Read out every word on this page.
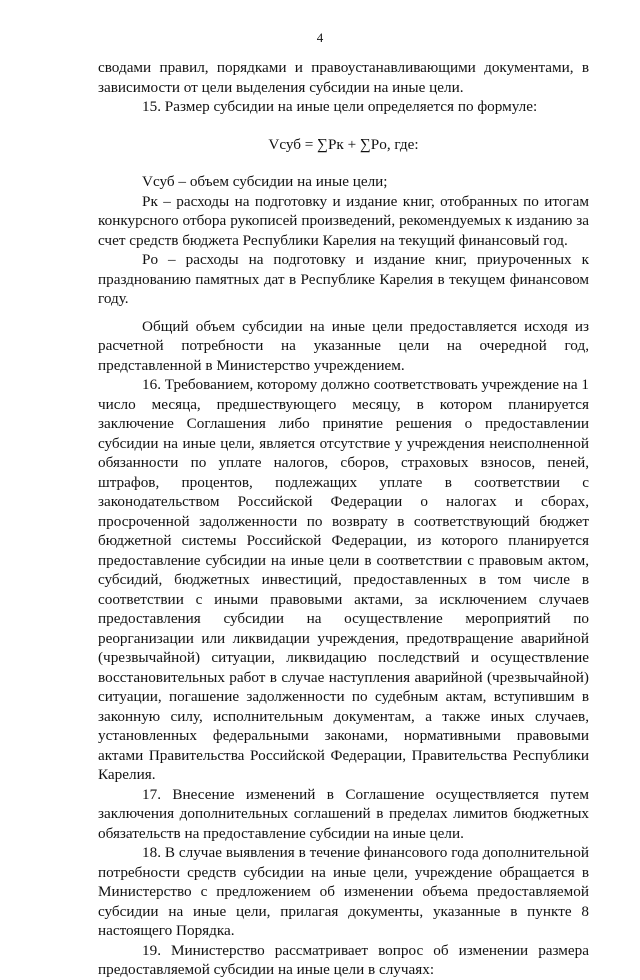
4

сводами правил, порядками и правоустанавливающими документами, в зависимости от цели выделения субсидии на иные цели.

15. Размер субсидии на иные цели определяется по формуле:

Vсуб = ∑Pк + ∑Pо, где:

Vсуб – объем субсидии на иные цели;

Pк – расходы на подготовку и издание книг, отобранных по итогам конкурсного отбора рукописей произведений, рекомендуемых к изданию за счет средств бюджета Республики Карелия на текущий финансовый год.

Pо – расходы на подготовку и издание книг, приуроченных к празднованию памятных дат в Республике Карелия в текущем финансовом году.

Общий объем субсидии на иные цели предоставляется исходя из расчетной потребности на указанные цели на очередной год, представленной в Министерство учреждением.

16. Требованием, которому должно соответствовать учреждение на 1 число месяца, предшествующего месяцу, в котором планируется заключение Соглашения либо принятие решения о предоставлении субсидии на иные цели, является отсутствие у учреждения неисполненной обязанности по уплате налогов, сборов, страховых взносов, пеней, штрафов, процентов, подлежащих уплате в соответствии с законодательством Российской Федерации о налогах и сборах, просроченной задолженности по возврату в соответствующий бюджет бюджетной системы Российской Федерации, из которого планируется предоставление субсидии на иные цели в соответствии с правовым актом, субсидий, бюджетных инвестиций, предоставленных в том числе в соответствии с иными правовыми актами, за исключением случаев предоставления субсидии на осуществление мероприятий по реорганизации или ликвидации учреждения, предотвращение аварийной (чрезвычайной) ситуации, ликвидацию последствий и осуществление восстановительных работ в случае наступления аварийной (чрезвычайной) ситуации, погашение задолженности по судебным актам, вступившим в законную силу, исполнительным документам, а также иных случаев, установленных федеральными законами, нормативными правовыми актами Правительства Российской Федерации, Правительства Республики Карелия.

17. Внесение изменений в Соглашение осуществляется путем заключения дополнительных соглашений в пределах лимитов бюджетных обязательств на предоставление субсидии на иные цели.

18. В случае выявления в течение финансового года дополнительной потребности средств субсидии на иные цели, учреждение обращается в Министерство с предложением об изменении объема предоставляемой субсидии на иные цели, прилагая документы, указанные в пункте 8 настоящего Порядка.

19. Министерство рассматривает вопрос об изменении размера предоставляемой субсидии на иные цели в случаях:
